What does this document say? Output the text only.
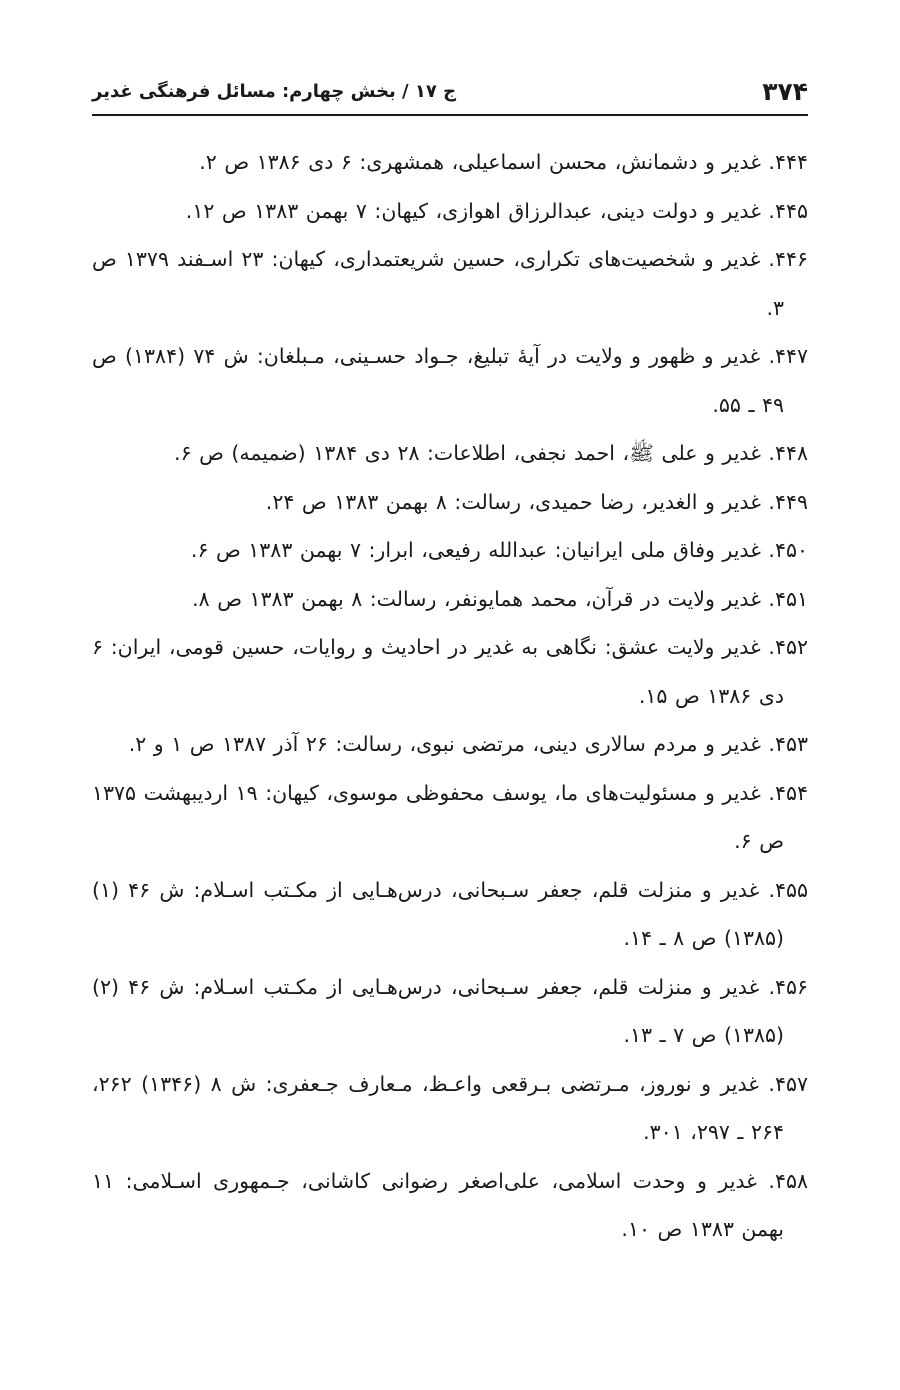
۳۷۴
ج ۱۷ / بخش چهارم: مسائل فرهنگی غدیر
۴۴۴. غدیر و دشمانش، محسن اسماعیلی، همشهری: ۶ دی ۱۳۸۶ ص ۲.
۴۴۵. غدیر و دولت دینی، عبدالرزاق اهوازی، کیهان: ۷ بهمن ۱۳۸۳ ص ۱۲.
۴۴۶. غدیر و شخصیت‌های تکراری، حسین شریعتمداری، کیهان: ۲۳ اسـفند ۱۳۷۹ ص ۳.
۴۴۷. غدیر و ظهور و ولایت در آیهٔ تبلیغ، جـواد حسـینی، مـبلغان: ش ۷۴ (۱۳۸۴) ص ۴۹ ـ ۵۵.
۴۴۸. غدیر و علی ﷺ، احمد نجفی، اطلاعات: ۲۸ دی ۱۳۸۴ (ضمیمه) ص ۶.
۴۴۹. غدیر و الغدیر، رضا حمیدی، رسالت: ۸ بهمن ۱۳۸۳ ص ۲۴.
۴۵۰. غدیر وفاق ملی ایرانیان: عبدالله رفیعی، ابرار: ۷ بهمن ۱۳۸۳ ص ۶.
۴۵۱. غدیر ولایت در قرآن، محمد همایونفر، رسالت: ۸ بهمن ۱۳۸۳ ص ۸.
۴۵۲. غدیر ولایت عشق: نگاهی به غدیر در احادیث و روایات، حسین قومی، ایران: ۶ دی ۱۳۸۶ ص ۱۵.
۴۵۳. غدیر و مردم سالاری دینی، مرتضی نبوی، رسالت: ۲۶ آذر ۱۳۸۷ ص ۱ و ۲.
۴۵۴. غدیر و مسئولیت‌های ما، یوسف محفوظی موسوی، کیهان: ۱۹ اردیبهشت ۱۳۷۵ ص ۶.
۴۵۵. غدیر و منزلت قلم، جعفر سـبحانی، درس‌هـایی از مکـتب اسـلام: ش ۴۶ (۱) (۱۳۸۵) ص ۸ ـ ۱۴.
۴۵۶. غدیر و منزلت قلم، جعفر سـبحانی، درس‌هـایی از مکـتب اسـلام: ش ۴۶ (۲) (۱۳۸۵) ص ۷ ـ ۱۳.
۴۵۷. غدیر و نوروز، مـرتضی بـرقعی واعـظ، مـعارف جـعفری: ش ۸ (۱۳۴۶) ۲۶۲، ۲۶۴ ـ ۲۹۷، ۳۰۱.
۴۵۸. غدیر و وحدت اسلامی، علی‌اصغر رضوانی کاشانی، جـمهوری اسـلامی: ۱۱ بهمن ۱۳۸۳ ص ۱۰.
